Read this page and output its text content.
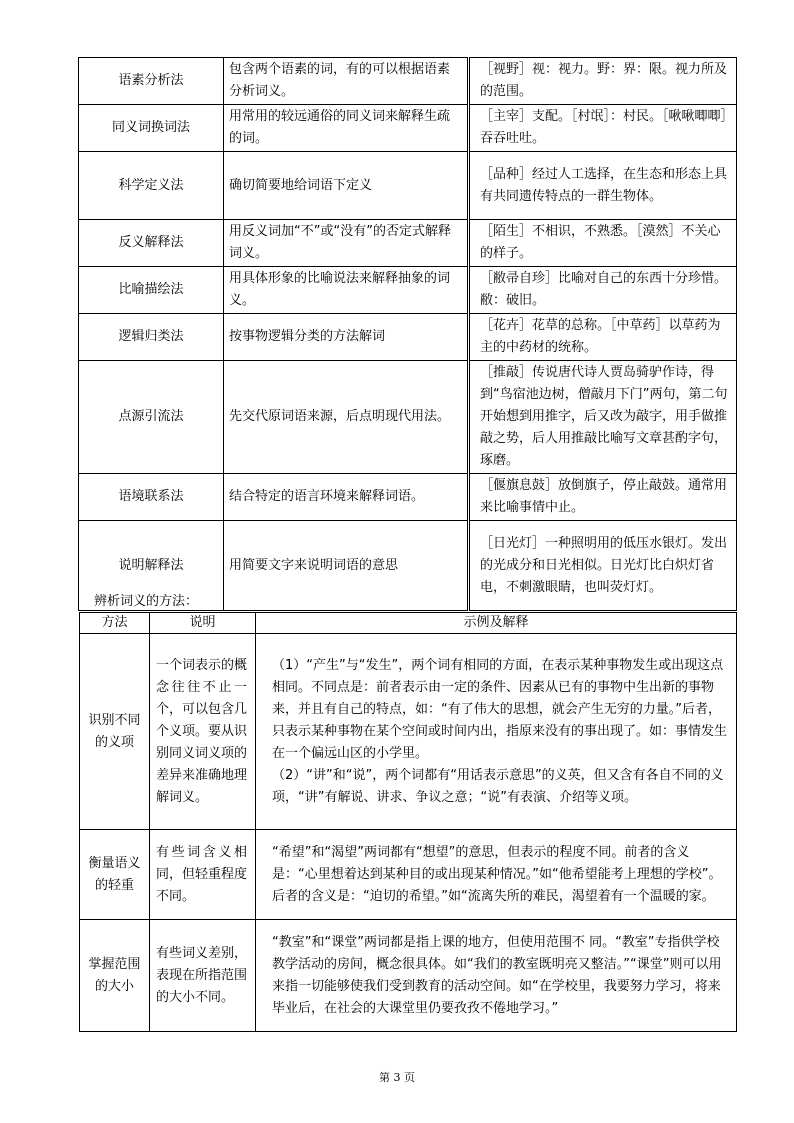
语素分析法	包含两个语素的词，有的可以根据语素分析词义。	［视野］视：视力。野：界：限。视力所及的范围。
同义词换词法	用常用的较远通俗的同义词来解释生疏的词。	［主宰］支配。［村氓］：村民。［啾啾唧唧］吞吞吐吐。
科学定义法	确切简要地给词语下定义	［品种］经过人工选择，在生态和形态上具有共同遗传特点的一群生物体。
反义解释法	用反义词加“不”或“没有”的否定式解释词义。	［陌生］不相识，不熟悉。［漠然］不关心的样子。
比喻描绘法	用具体形象的比喻说法来解释抽象的词义。	［敝帚自珍］比喻对自己的东西十分珍惜。敝：破旧。
逻辑归类法	按事物逻辑分类的方法解词	［花卉］花草的总称。［中草药］以草药为主的中药材的统称。
点源引流法	先交代原词语来源，后点明现代用法。	［推敲］传说唐代诗人贾岛骑驴作诗，得到“鸟宿池边树，僧敲月下门”两句，第二句开始想到用推字，后又改为敲字，用手做推敲之势，后人用推敲比喻写文章甚酌字句，琢磨。
语境联系法	结合特定的语言环境来解释词语。	［偃旗息鼓］放倒旗子，停止敲鼓。通常用来比喻事情中止。
说明解释法	用简要文字来说明词语的意思	［日光灯］一种照明用的低压水银灯。发出的光成分和日光相似。日光灯比白炽灯省电，不刺激眼睛，也叫荧灯灯。

辨析词义的方法：

方法	说明	示例及解释
识别不同的义项	一个词表示的概念往往不止一个，可以包含几个义项。要从识别同义词义项的差异来准确地理解词义。	（1）“产生”与“发生”，两个词有相同的方面，在表示某种事物发生或出现这点相同。不同点是：前者表示由一定的条件、因素从已有的事物中生出新的事物来，并且有自己的特点，如：“有了伟大的思想，就会产生无穷的力量。”后者，只表示某种事物在某个空间或时间内出，指原来没有的事出现了。如：事情发生在一个偏远山区的小学里。
（2）“讲”和“说”，两个词都有“用话表示意思”的义英，但又含有各自不同的义项，“讲”有解说、讲求、争议之意；“说”有表演、介绍等义项。

衡量语义的轻重	有些词含义相同，但轻重程度不同。	“希望”和“渴望”两词都有“想望”的意思，但表示的程度不同。前者的含义是：“心里想着达到某种目的或出现某种情况。”如“他希望能考上理想的学校”。后者的含义是：“迫切的希望。”如“流离失所的难民，渴望着有一个温暖的家。

掌握范围的大小	有些词义差别，表现在所指范围的大小不同。	“教室”和“课堂”两词都是指上课的地方，但使用范围不 同。“教室”专指供学校教学活动的房间，概念很具体。如“我们的教室既明亮又整洁。”“课堂”则可以用来指一切能够使我们受到教育的活动空间。如“在学校里，我要努力学习，将来毕业后，在社会的大课堂里仍要孜孜不倦地学习。”
第 3 页
